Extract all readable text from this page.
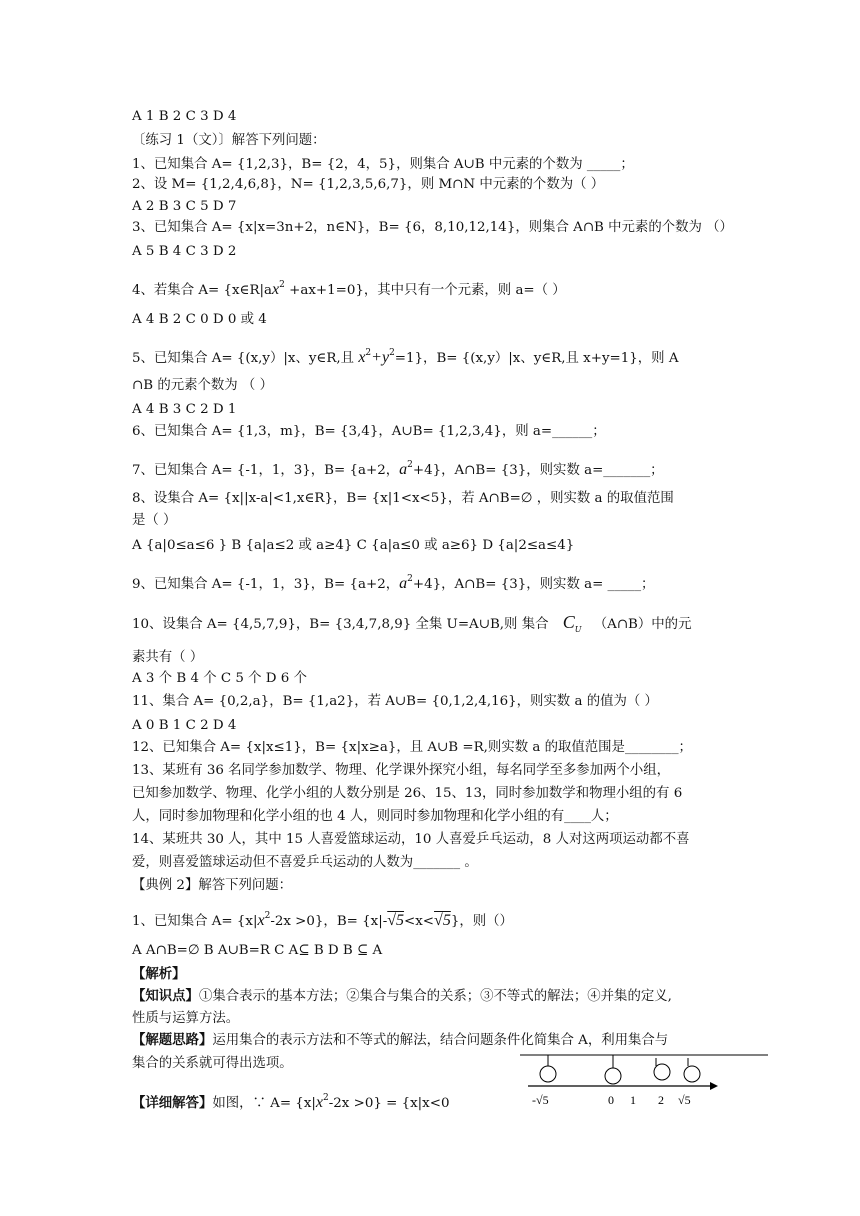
A 1 B 2 C 3 D 4
〔练习 1（文）〕解答下列问题：
1、已知集合 A= {1,2,3}，B= {2，4，5}，则集合 A∪B 中元素的个数为 _____；
2、设 M= {1,2,4,6,8}，N= {1,2,3,5,6,7}，则 M∩N 中元素的个数为（ ）
A 2 B 3 C 5 D 7
3、已知集合 A= {x|x=3n+2，n∈N}，B= {6，8,10,12,14}，则集合 A∩B 中元素的个数为 （）
A 5 B 4 C 3 D 2
4、若集合 $A= \{x\in R|ax^2 +ax+1=0\}$，其中只有一个元素，则 a=（ ）
A 4 B 2 C 0 D 0 或 4
5、已知集合 A= {(x,y）|x、y∈R,且 $x^2+y^2=1$}，B= {(x,y）|x、y∈R,且 x+y=1}，则 A
∩B 的元素个数为 （ ）
A 4 B 3 C 2 D 1
6、已知集合 A= {1,3，m}，B= {3,4}，A∪B= {1,2,3,4}，则 a=______；
7、已知集合 A= {-1，1，3}，B= {a+2，$a^2+4$}，A∩B= {3}，则实数 a=_______；
8、设集合 A= {x||x-a|<1,x∈R}，B= {x|1<x<5}，若 A∩B=∅ ，则实数 a 的取值范围
是（ ）
A {a|0≤a≤6 } B {a|a≤2 或 a≥4} C {a|a≤0 或 a≥6} D {a|2≤a≤4}
9、已知集合 A= {-1，1，3}，B= {a+2，$a^2+4$}，A∩B= {3}，则实数 a= _____；
10、设集合 A= {4,5,7,9}，B= {3,4,7,8,9} 全集 U=A∪B,则 集合 $C_U$ （A∩B）中的元
素共有（ ）
A 3 个 B 4 个 C 5 个 D 6 个
11、集合 A= {0,2,a}，B= {1,a2}，若 A∪B= {0,1,2,4,16}，则实数 a 的值为（ ）
A 0 B 1 C 2 D 4
12、已知集合 A= {x|x≤1}，B= {x|x≥a}，且 A∪B =R,则实数 a 的取值范围是________；
13、某班有 36 名同学参加数学、物理、化学课外探究小组，每名同学至多参加两个小组，
已知参加数学、物理、化学小组的人数分别是 26、15、13，同时参加数学和物理小组的有 6
人，同时参加物理和化学小组的也 4 人，则同时参加物理和化学小组的有____人；
14、某班共 30 人，其中 15 人喜爱篮球运动，10 人喜爱乒乓运动，8 人对这两项运动都不喜
爱，则喜爱篮球运动但不喜爱乒乓运动的人数为_______ 。
【典例 2】解答下列问题：
1、已知集合 $A= \{x|x^2-2x >0\}$，B= {x|-√5<x<√5}，则（）
A A∩B=∅ B A∪B=R C A⊆ B D B ⊆ A
【解析】
【知识点】①集合表示的基本方法；②集合与集合的关系；③不等式的解法；④并集的定义,
性质与运算方法。
【解题思路】运用集合的表示方法和不等式的解法，结合问题条件化简集合 A，利用集合与
集合的关系就可得出选项。
【详细解答】如图，∵ $A= \{x|x^2-2x >0\} = \{x|x<0$	-√5	0 1 2 √5
